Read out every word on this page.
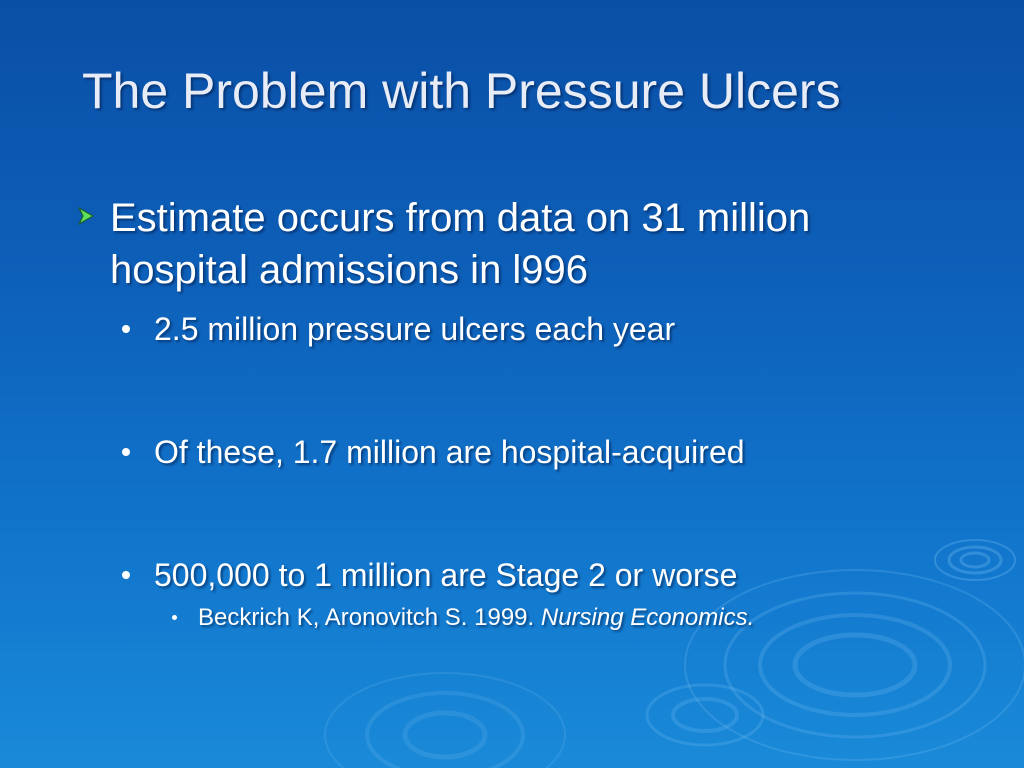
The Problem with Pressure Ulcers
Estimate occurs from data on 31 million hospital admissions in l996
2.5 million pressure ulcers each year
Of these, 1.7 million are hospital-acquired
500,000 to 1 million are Stage 2 or worse
Beckrich K, Aronovitch S. 1999. Nursing Economics.
